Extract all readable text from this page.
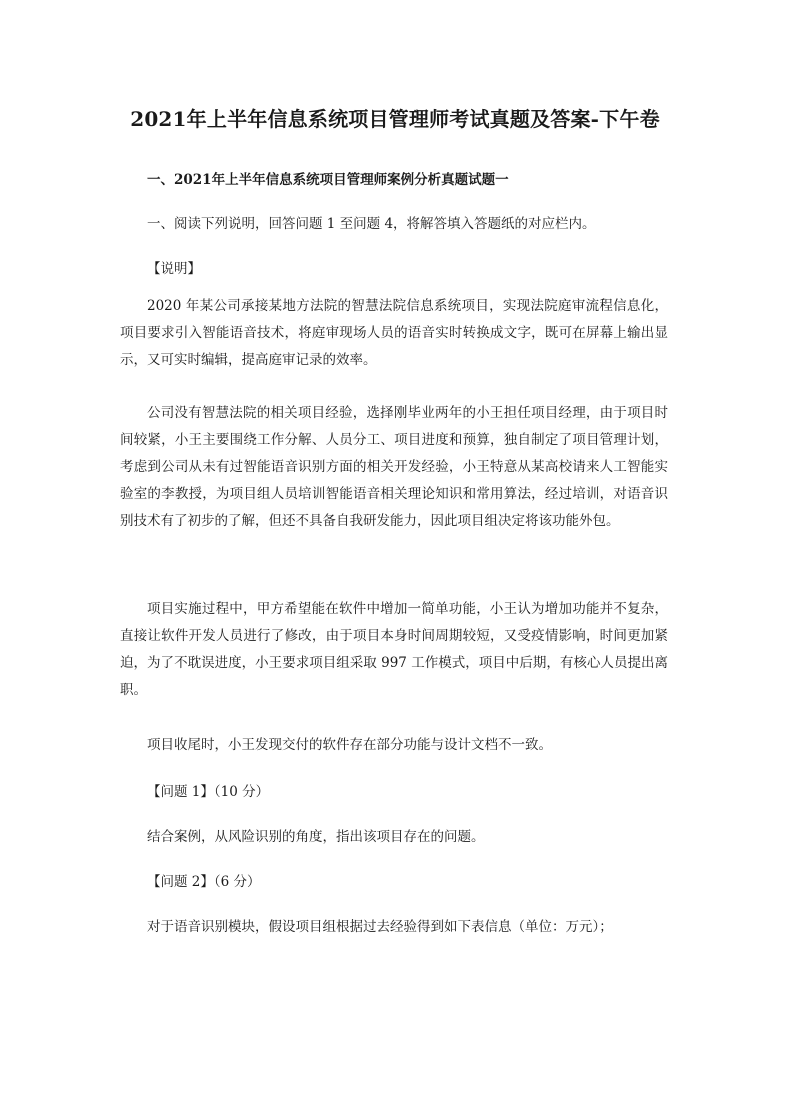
2021年上半年信息系统项目管理师考试真题及答案-下午卷
一、2021年上半年信息系统项目管理师案例分析真题试题一
一、阅读下列说明，回答问题 1 至问题 4，将解答填入答题纸的对应栏内。
【说明】
2020 年某公司承接某地方法院的智慧法院信息系统项目，实现法院庭审流程信息化，项目要求引入智能语音技术，将庭审现场人员的语音实时转换成文字，既可在屏幕上输出显示，又可实时编辑，提高庭审记录的效率。
公司没有智慧法院的相关项目经验，选择刚毕业两年的小王担任项目经理，由于项目时间较紧，小王主要围绕工作分解、人员分工、项目进度和预算，独自制定了项目管理计划，考虑到公司从未有过智能语音识别方面的相关开发经验，小王特意从某高校请来人工智能实验室的李教授，为项目组人员培训智能语音相关理论知识和常用算法，经过培训，对语音识别技术有了初步的了解，但还不具备自我研发能力，因此项目组决定将该功能外包。
项目实施过程中，甲方希望能在软件中增加一简单功能，小王认为增加功能并不复杂，直接让软件开发人员进行了修改，由于项目本身时间周期较短，又受疫情影响，时间更加紧迫，为了不耽误进度，小王要求项目组采取 997 工作模式，项目中后期，有核心人员提出离职。
项目收尾时，小王发现交付的软件存在部分功能与设计文档不一致。
【问题 1】（10 分）
结合案例，从风险识别的角度，指出该项目存在的问题。
【问题 2】（6 分）
对于语音识别模块，假设项目组根据过去经验得到如下表信息（单位：万元）；
